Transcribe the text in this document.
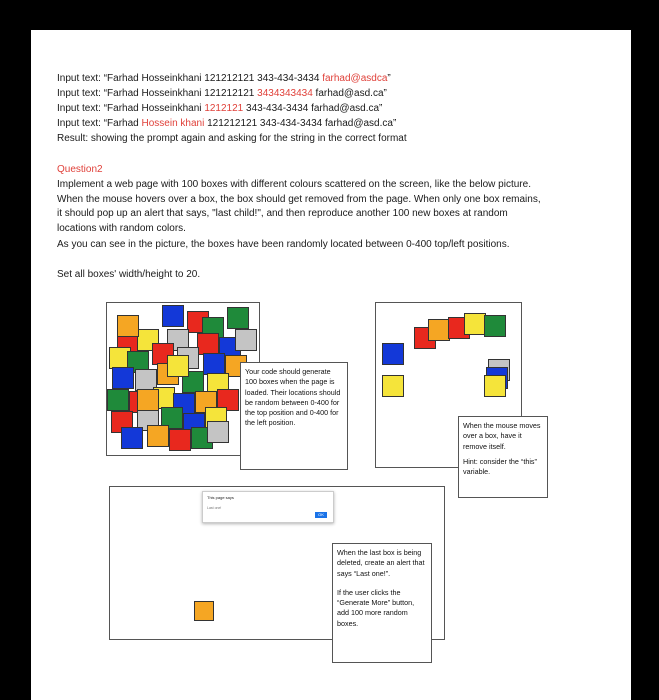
Input text: “Farhad Hosseinkhani 121212121 343-434-3434 farhad@asdca”
Input text: “Farhad Hosseinkhani 121212121 3434343434 farhad@asd.ca”
Input text: “Farhad Hosseinkhani 1212121 343-434-3434 farhad@asd.ca”
Input text: “Farhad Hossein khani 121212121 343-434-3434 farhad@asd.ca”
Result: showing the prompt again and asking for the string in the correct format
Question2
Implement a web page with 100 boxes with different colours scattered on the screen, like the below picture. When the mouse hovers over a box, the box should get removed from the page. When only one box remains, it should pop up an alert that says, "last child!", and then reproduce another 100 new boxes at random locations with random colors.
As you can see in the picture, the boxes have been randomly located between 0-400 top/left positions.
Set all boxes' width/height to 20.
Your code should generate 100 boxes when the page is loaded. Their locations should be random between 0-400 for the top position and 0-400 for the left position.	When the mouse moves over a box, have it remove itself.
Hint: consider the “this” variable.
This page says
Last one!
OK
When the last box is being deleted, create an alert that says “Last one!”.
If the user clicks the “Generate More” button, add 100 more random boxes.
